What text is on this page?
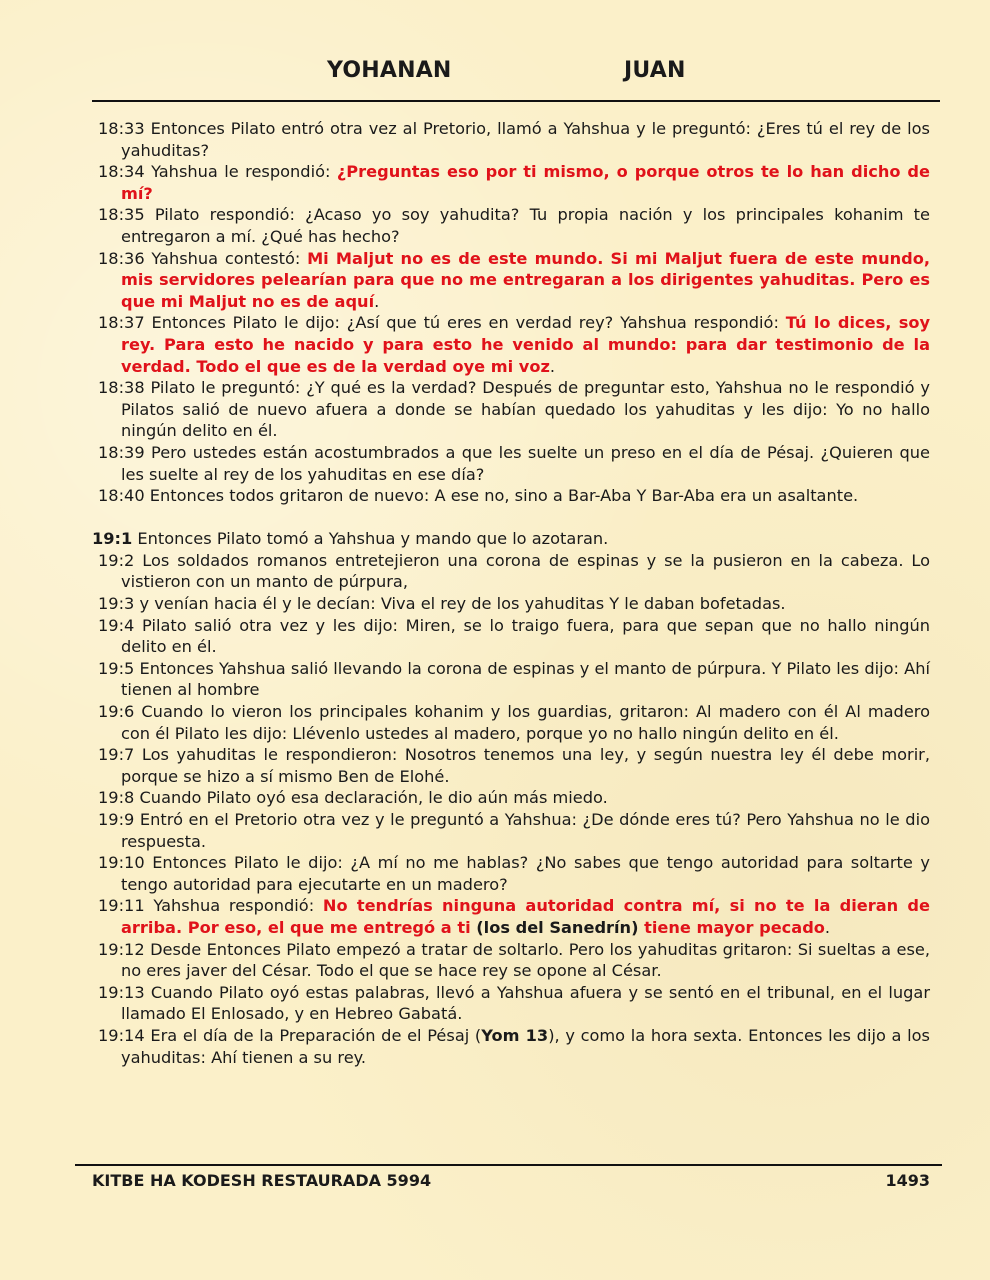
YOHANAN	JUAN
18:33 Entonces Pilato entró otra vez al Pretorio, llamó a Yahshua y le preguntó: ¿Eres tú el rey de los yahuditas?
18:34 Yahshua le respondió: ¿Preguntas eso por ti mismo, o porque otros te lo han dicho de mí?
18:35 Pilato respondió: ¿Acaso yo soy yahudita? Tu propia nación y los principales kohanim te entregaron a mí. ¿Qué has hecho?
18:36 Yahshua contestó: Mi Maljut no es de este mundo. Si mi Maljut fuera de este mundo, mis servidores pelearían para que no me entregaran a los dirigentes yahuditas. Pero es que mi Maljut no es de aquí.
18:37 Entonces Pilato le dijo: ¿Así que tú eres en verdad rey? Yahshua respondió: Tú lo dices, soy rey. Para esto he nacido y para esto he venido al mundo: para dar testimonio de la verdad. Todo el que es de la verdad oye mi voz.
18:38 Pilato le preguntó: ¿Y qué es la verdad? Después de preguntar esto, Yahshua no le respondió y Pilatos salió de nuevo afuera a donde se habían quedado los yahuditas y les dijo: Yo no hallo ningún delito en él.
18:39 Pero ustedes están acostumbrados a que les suelte un preso en el día de Pésaj. ¿Quieren que les suelte al rey de los yahuditas en ese día?
18:40 Entonces todos gritaron de nuevo: A ese no, sino a Bar-Aba Y Bar-Aba era un asaltante.
19:1 Entonces Pilato tomó a Yahshua y mando que lo azotaran.
19:2 Los soldados romanos entretejieron una corona de espinas y se la pusieron en la cabeza. Lo vistieron con un manto de púrpura,
19:3 y venían hacia él y le decían: Viva el rey de los yahuditas Y le daban bofetadas.
19:4 Pilato salió otra vez y les dijo: Miren, se lo traigo fuera, para que sepan que no hallo ningún delito en él.
19:5 Entonces Yahshua salió llevando la corona de espinas y el manto de púrpura. Y Pilato les dijo: Ahí tienen al hombre
19:6 Cuando lo vieron los principales kohanim y los guardias, gritaron: Al madero con él Al madero con él Pilato les dijo: Llévenlo ustedes al madero, porque yo no hallo ningún delito en él.
19:7 Los yahuditas le respondieron: Nosotros tenemos una ley, y según nuestra ley él debe morir, porque se hizo a sí mismo Ben de Elohé.
19:8 Cuando Pilato oyó esa declaración, le dio aún más miedo.
19:9 Entró en el Pretorio otra vez y le preguntó a Yahshua: ¿De dónde eres tú? Pero Yahshua no le dio respuesta.
19:10 Entonces Pilato le dijo: ¿A mí no me hablas? ¿No sabes que tengo autoridad para soltarte y tengo autoridad para ejecutarte en un madero?
19:11 Yahshua respondió: No tendrías ninguna autoridad contra mí, si no te la dieran de arriba. Por eso, el que me entregó a ti (los del Sanedrín) tiene mayor pecado.
19:12 Desde Entonces Pilato empezó a tratar de soltarlo. Pero los yahuditas gritaron: Si sueltas a ese, no eres javer del César. Todo el que se hace rey se opone al César.
19:13 Cuando Pilato oyó estas palabras, llevó a Yahshua afuera y se sentó en el tribunal, en el lugar llamado El Enlosado, y en Hebreo Gabatá.
19:14 Era el día de la Preparación de el Pésaj (Yom 13), y como la hora sexta. Entonces les dijo a los yahuditas: Ahí tienen a su rey.
KITBE HA KODESH RESTAURADA 5994	1493
